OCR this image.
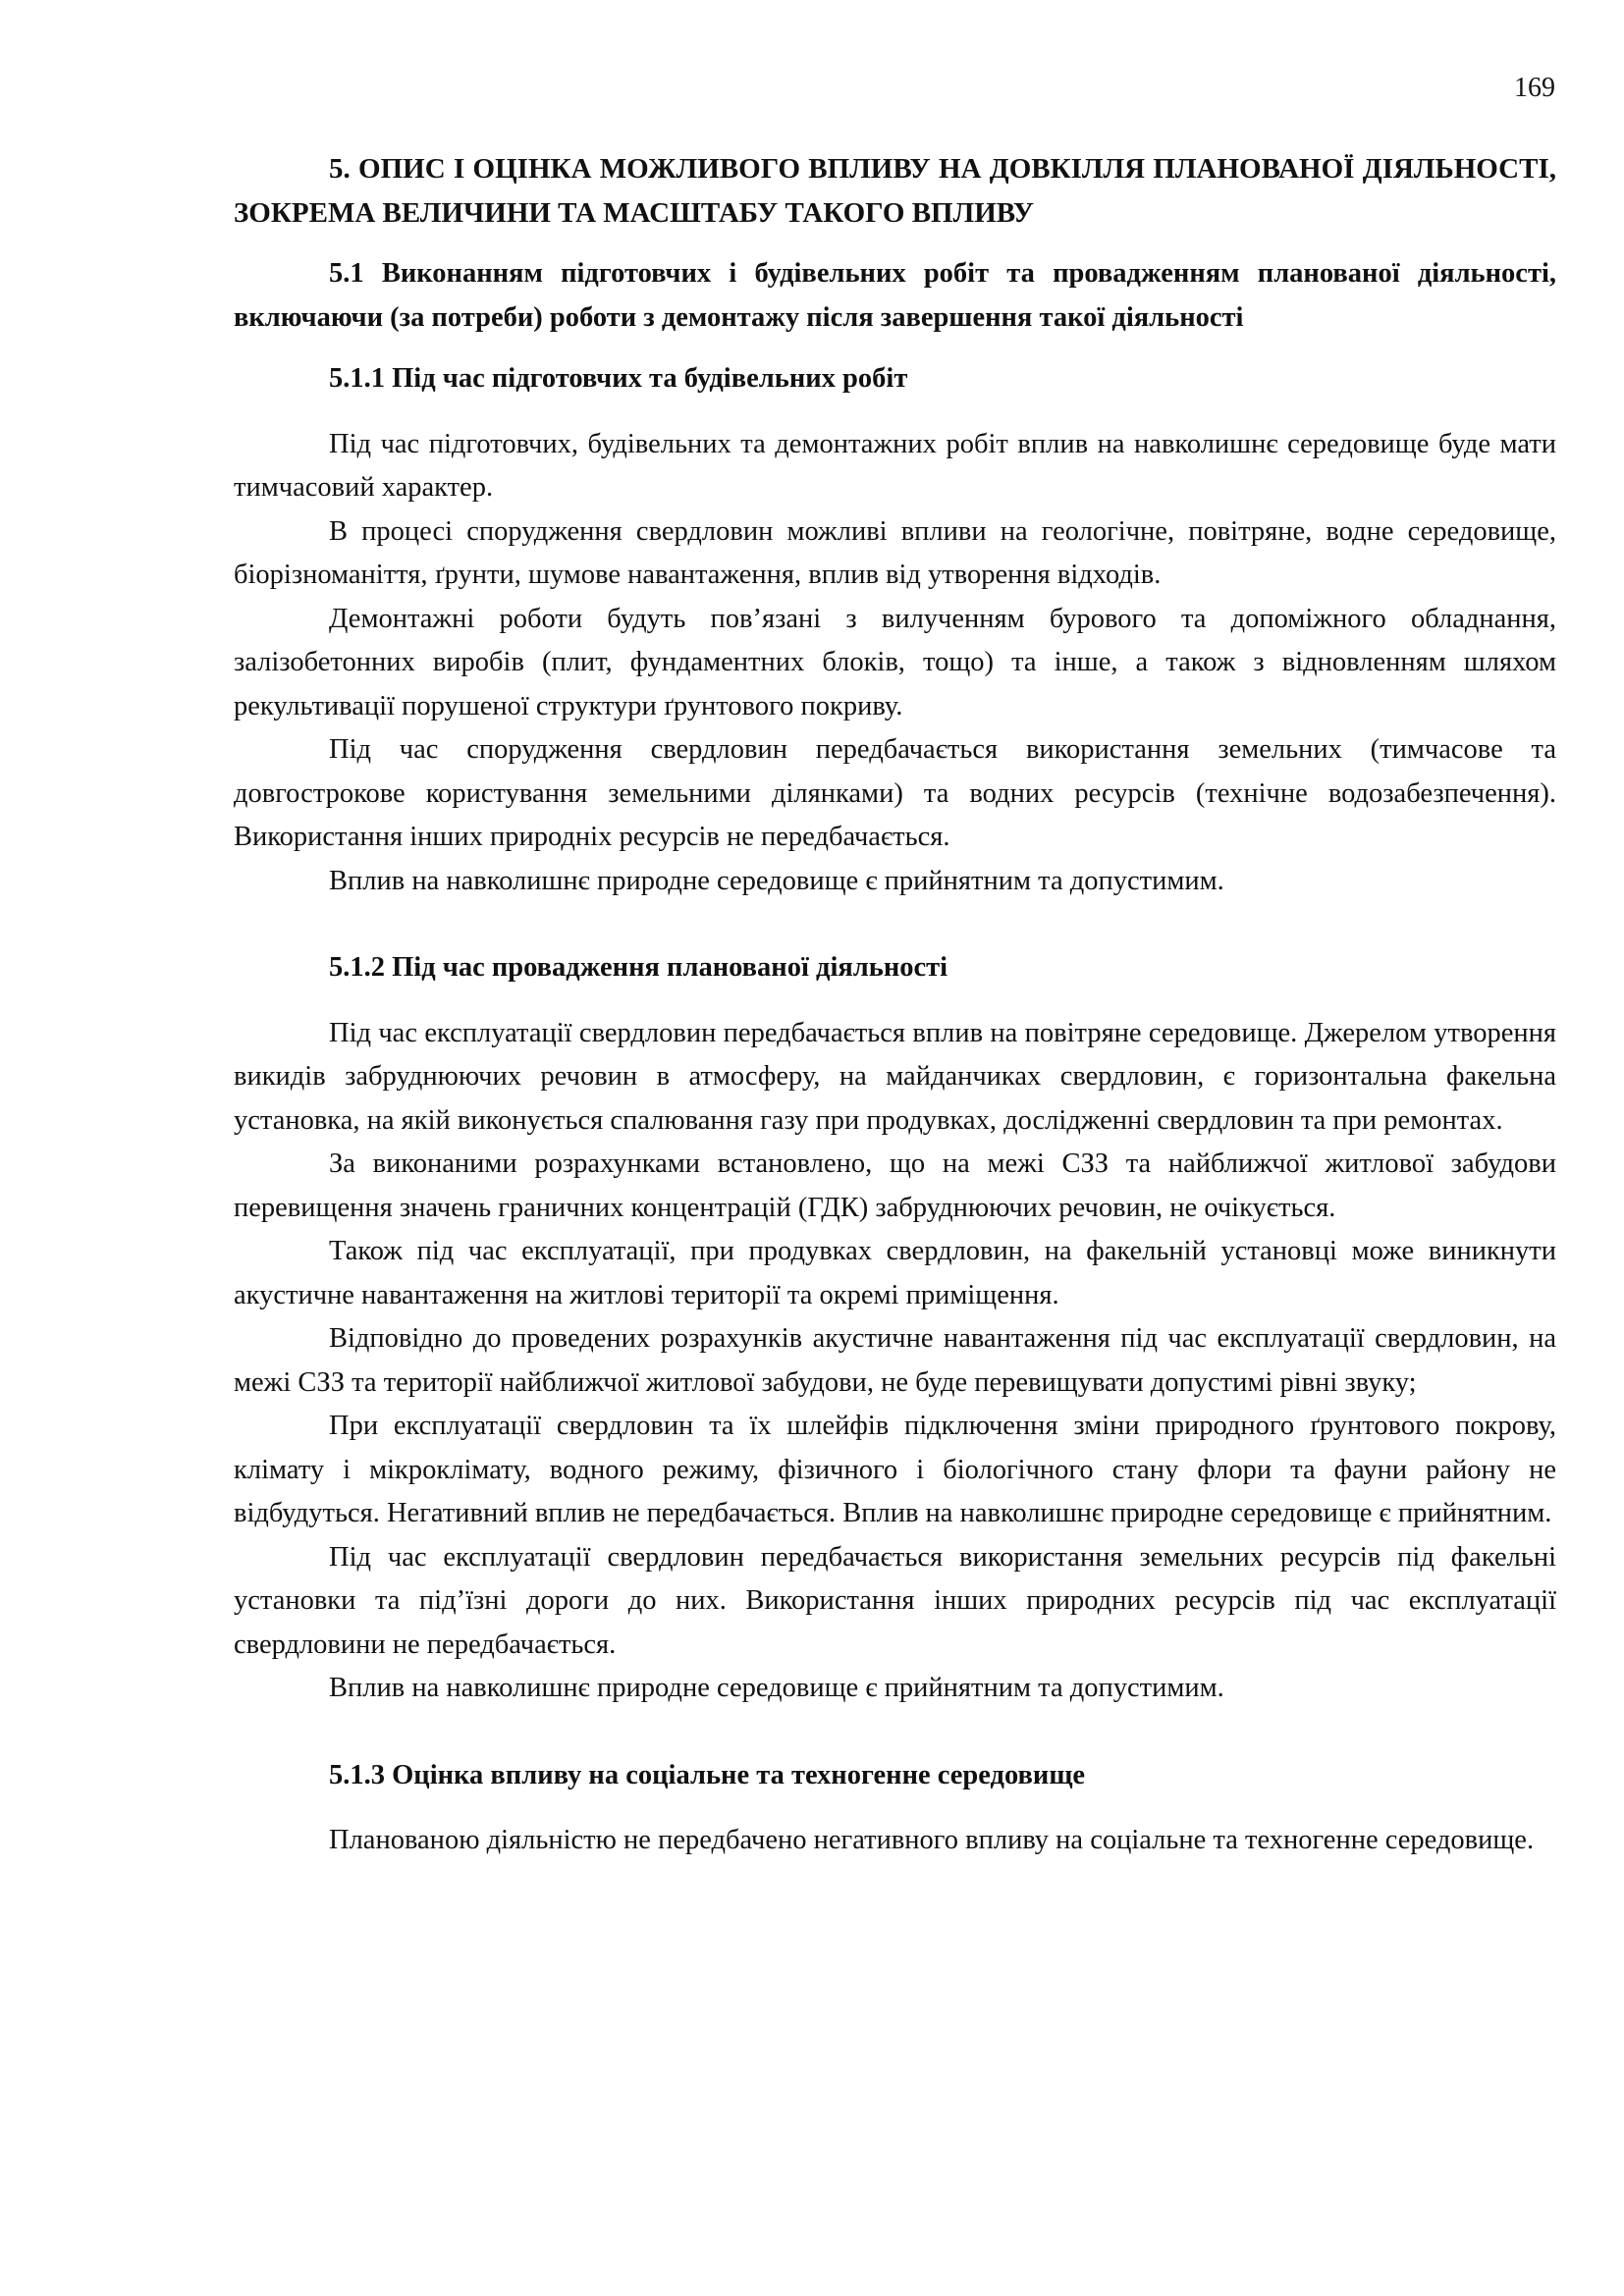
169
5. ОПИС І ОЦІНКА МОЖЛИВОГО ВПЛИВУ НА ДОВКІЛЛЯ ПЛАНОВАНОЇ ДІЯЛЬНОСТІ, ЗОКРЕМА ВЕЛИЧИНИ ТА МАСШТАБУ ТАКОГО ВПЛИВУ
5.1 Виконанням підготовчих і будівельних робіт та провадженням планованої діяльності, включаючи (за потреби) роботи з демонтажу після завершення такої діяльності
5.1.1 Під час підготовчих та будівельних робіт

Під час підготовчих, будівельних та демонтажних робіт вплив на навколишнє середовище буде мати тимчасовий характер.

В процесі спорудження свердловин можливі впливи на геологічне, повітряне, водне середовище, біорізноманіття, ґрунти, шумове навантаження, вплив від утворення відходів.

Демонтажні роботи будуть пов’язані з вилученням бурового та допоміжного обладнання, залізобетонних виробів (плит, фундаментних блоків, тощо) та інше, а також з відновленням шляхом рекультивації порушеної структури ґрунтового покриву.

Під час спорудження свердловин передбачається використання земельних (тимчасове та довгострокове користування земельними ділянками) та водних ресурсів (технічне водозабезпечення). Використання інших природніх ресурсів не передбачається.

Вплив на навколишнє природне середовище є прийнятним та допустимим.

5.1.2 Під час провадження планованої діяльності

Під час експлуатації свердловин передбачається вплив на повітряне середовище. Джерелом утворення викидів забруднюючих речовин в атмосферу, на майданчиках свердловин, є горизонтальна факельна установка, на якій виконується спалювання газу при продувках, дослідженні свердловин та при ремонтах.

За виконаними розрахунками встановлено, що на межі СЗЗ та найближчої житлової забудови перевищення значень граничних концентрацій (ГДК) забруднюючих речовин, не очікується.

Також під час експлуатації, при продувках свердловин, на факельній установці може виникнути акустичне навантаження на житлові території та окремі приміщення.

Відповідно до проведених розрахунків акустичне навантаження під час експлуатації свердловин, на межі СЗЗ та території найближчої житлової забудови, не буде перевищувати допустимі рівні звуку;

При експлуатації свердловин та їх шлейфів підключення зміни природного ґрунтового покрову, клімату і мікроклімату, водного режиму, фізичного і біологічного стану флори та фауни району не відбудуться. Негативний вплив не передбачається. Вплив на навколишнє природне середовище є прийнятним.

Під час експлуатації свердловин передбачається використання земельних ресурсів під факельні установки та під’їзні дороги до них. Використання інших природних ресурсів під час експлуатації свердловини не передбачається.

Вплив на навколишнє природне середовище є прийнятним та допустимим.

5.1.3 Оцінка впливу на соціальне та техногенне середовище

Планованою діяльністю не передбачено негативного впливу на соціальне та техногенне середовище.
